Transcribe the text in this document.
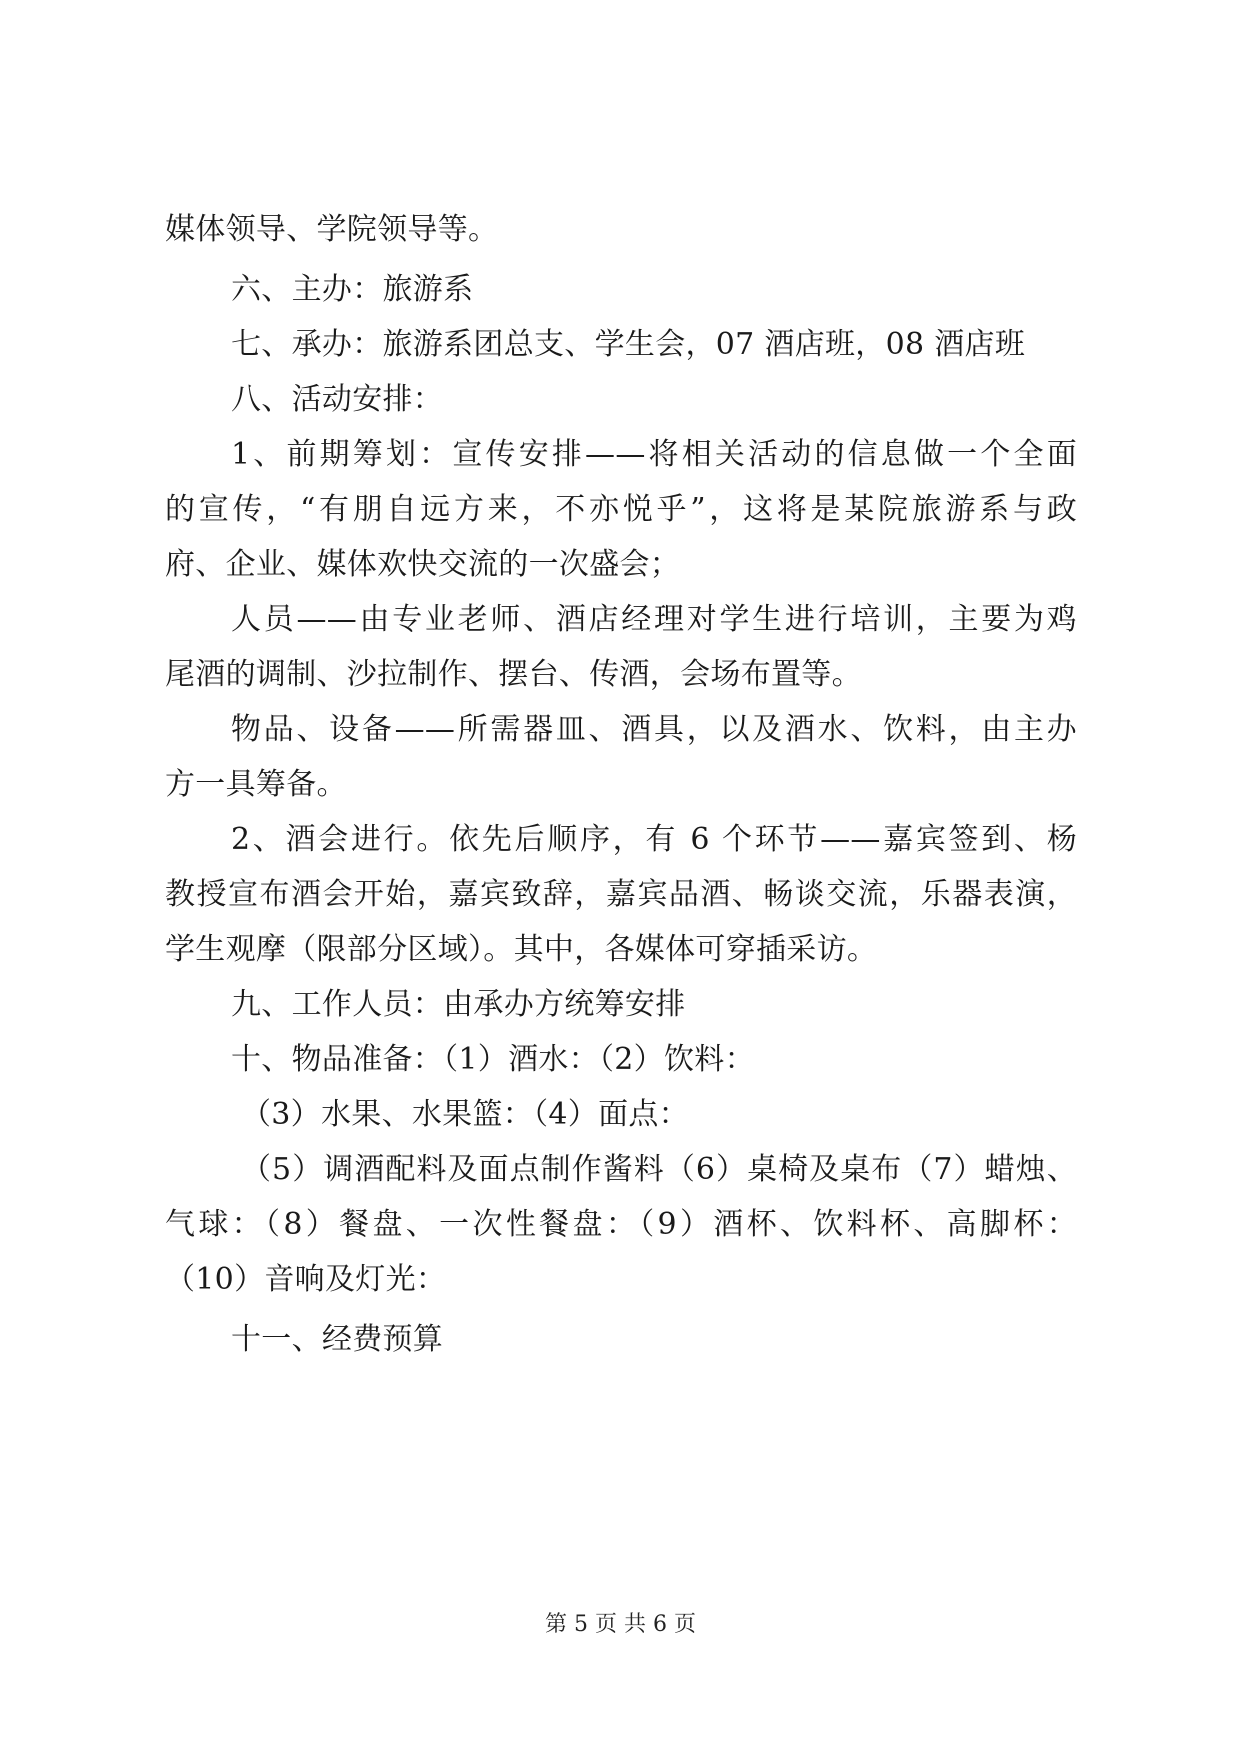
媒体领导、学院领导等。
六、主办：旅游系
七、承办：旅游系团总支、学生会，07 酒店班，08 酒店班
八、活动安排：
1、前期筹划：宣传安排——将相关活动的信息做一个全面
的宣传，“有朋自远方来，不亦悦乎”，这将是某院旅游系与政
府、企业、媒体欢快交流的一次盛会；
人员——由专业老师、酒店经理对学生进行培训，主要为鸡
尾酒的调制、沙拉制作、摆台、传酒，会场布置等。
物品、设备——所需器皿、酒具，以及酒水、饮料，由主办
方一具筹备。
2、酒会进行。依先后顺序，有 6 个环节——嘉宾签到、杨
教授宣布酒会开始，嘉宾致辞，嘉宾品酒、畅谈交流，乐器表演，
学生观摩（限部分区域）。其中，各媒体可穿插采访。
九、工作人员：由承办方统筹安排
十、物品准备：（1）酒水：（2）饮料：
（3）水果、水果篮：（4）面点：
（5）调酒配料及面点制作酱料（6）桌椅及桌布（7）蜡烛、
气球：（8）餐盘、一次性餐盘：（9）酒杯、饮料杯、高脚杯：
（10）音响及灯光：
十一、经费预算
第 5 页 共 6 页
